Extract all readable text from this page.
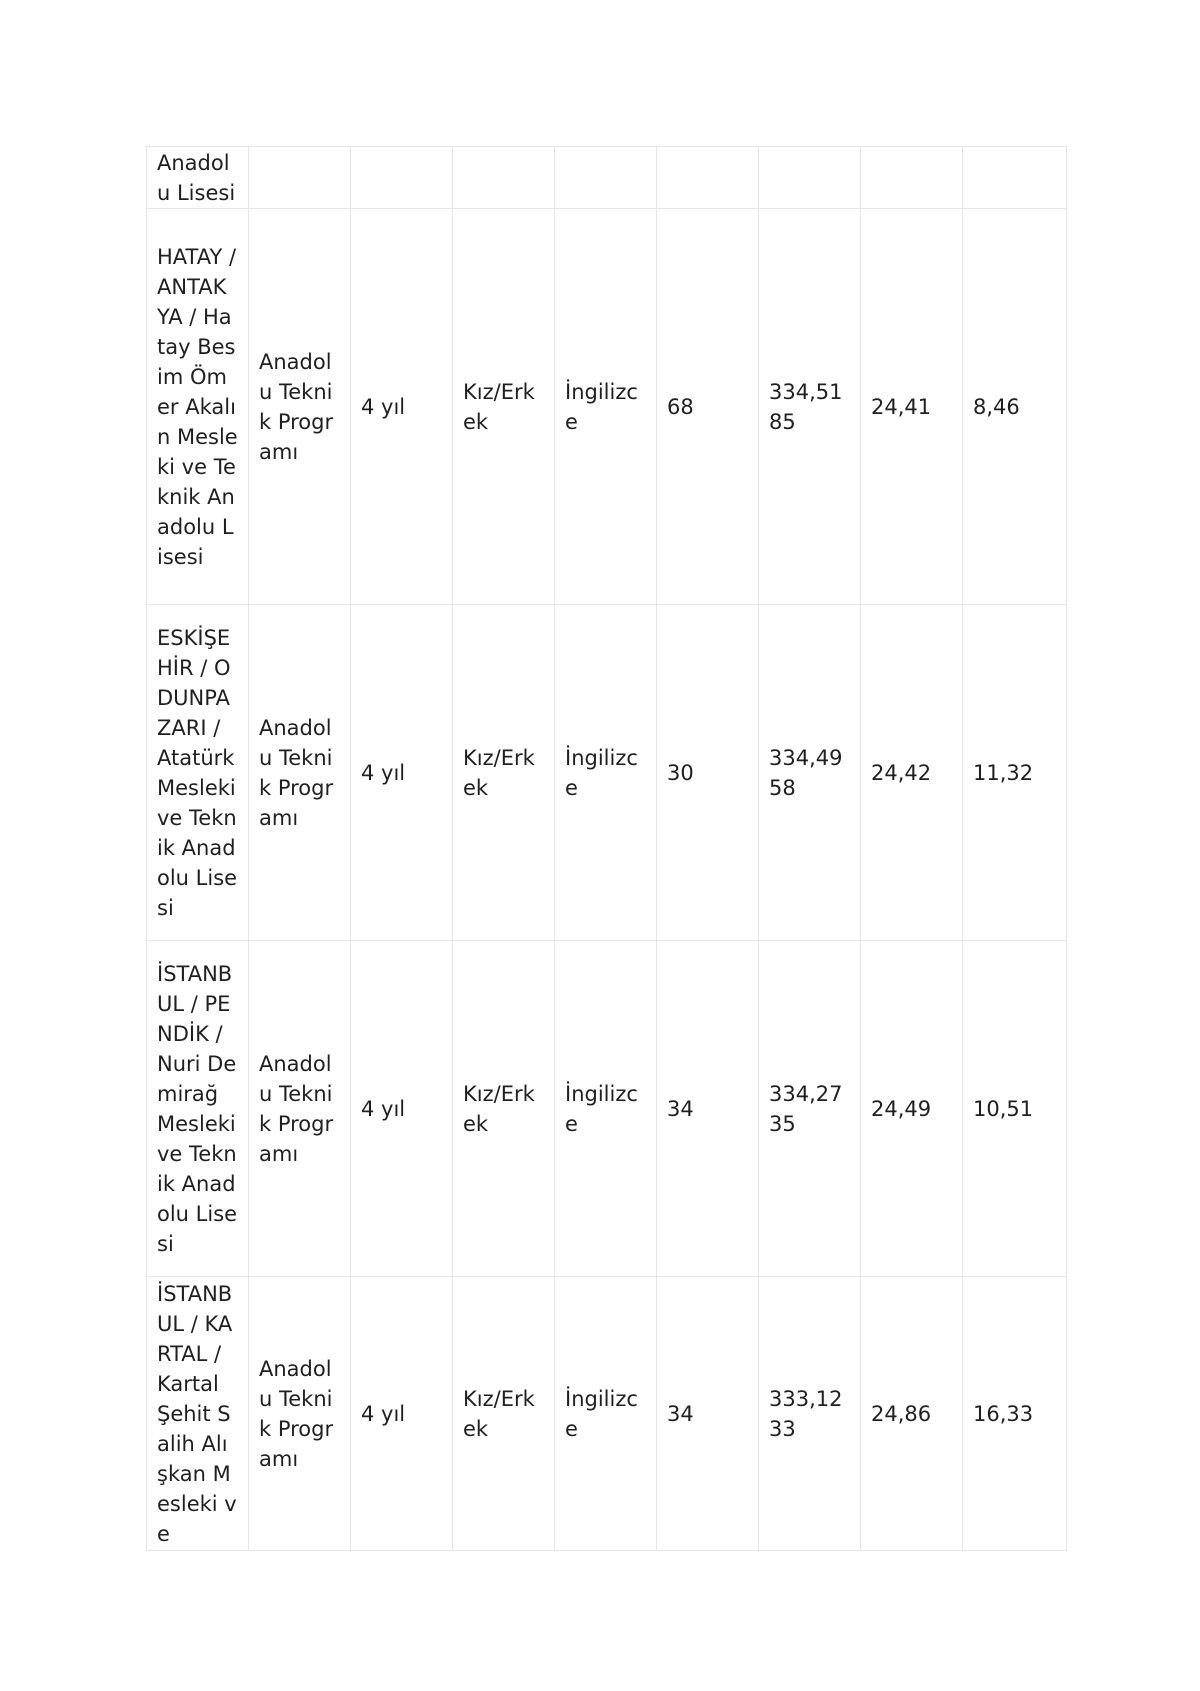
Anadolu Lisesi								
HATAY / ANTAKYA / Hatay Besim Ömer Akalın Mesleki ve Teknik Anadolu Lisesi	Anadolu Teknik Programı	4 yıl	Kız/Erkek	İngilizce	68	334,5185	24,41	8,46
ESKİŞEHİR / ODUNPAZARI / Atatürk Mesleki ve Teknik Anadolu Lisesi	Anadolu Teknik Programı	4 yıl	Kız/Erkek	İngilizce	30	334,4958	24,42	11,32
İSTANBUL / PENDİK / Nuri Demirağ Mesleki ve Teknik Anadolu Lisesi	Anadolu Teknik Programı	4 yıl	Kız/Erkek	İngilizce	34	334,2735	24,49	10,51
İSTANBUL / KARTAL / Kartal Şehit Salih Alışkan Mesleki ve	Anadolu Teknik Programı	4 yıl	Kız/Erkek	İngilizce	34	333,1233	24,86	16,33
